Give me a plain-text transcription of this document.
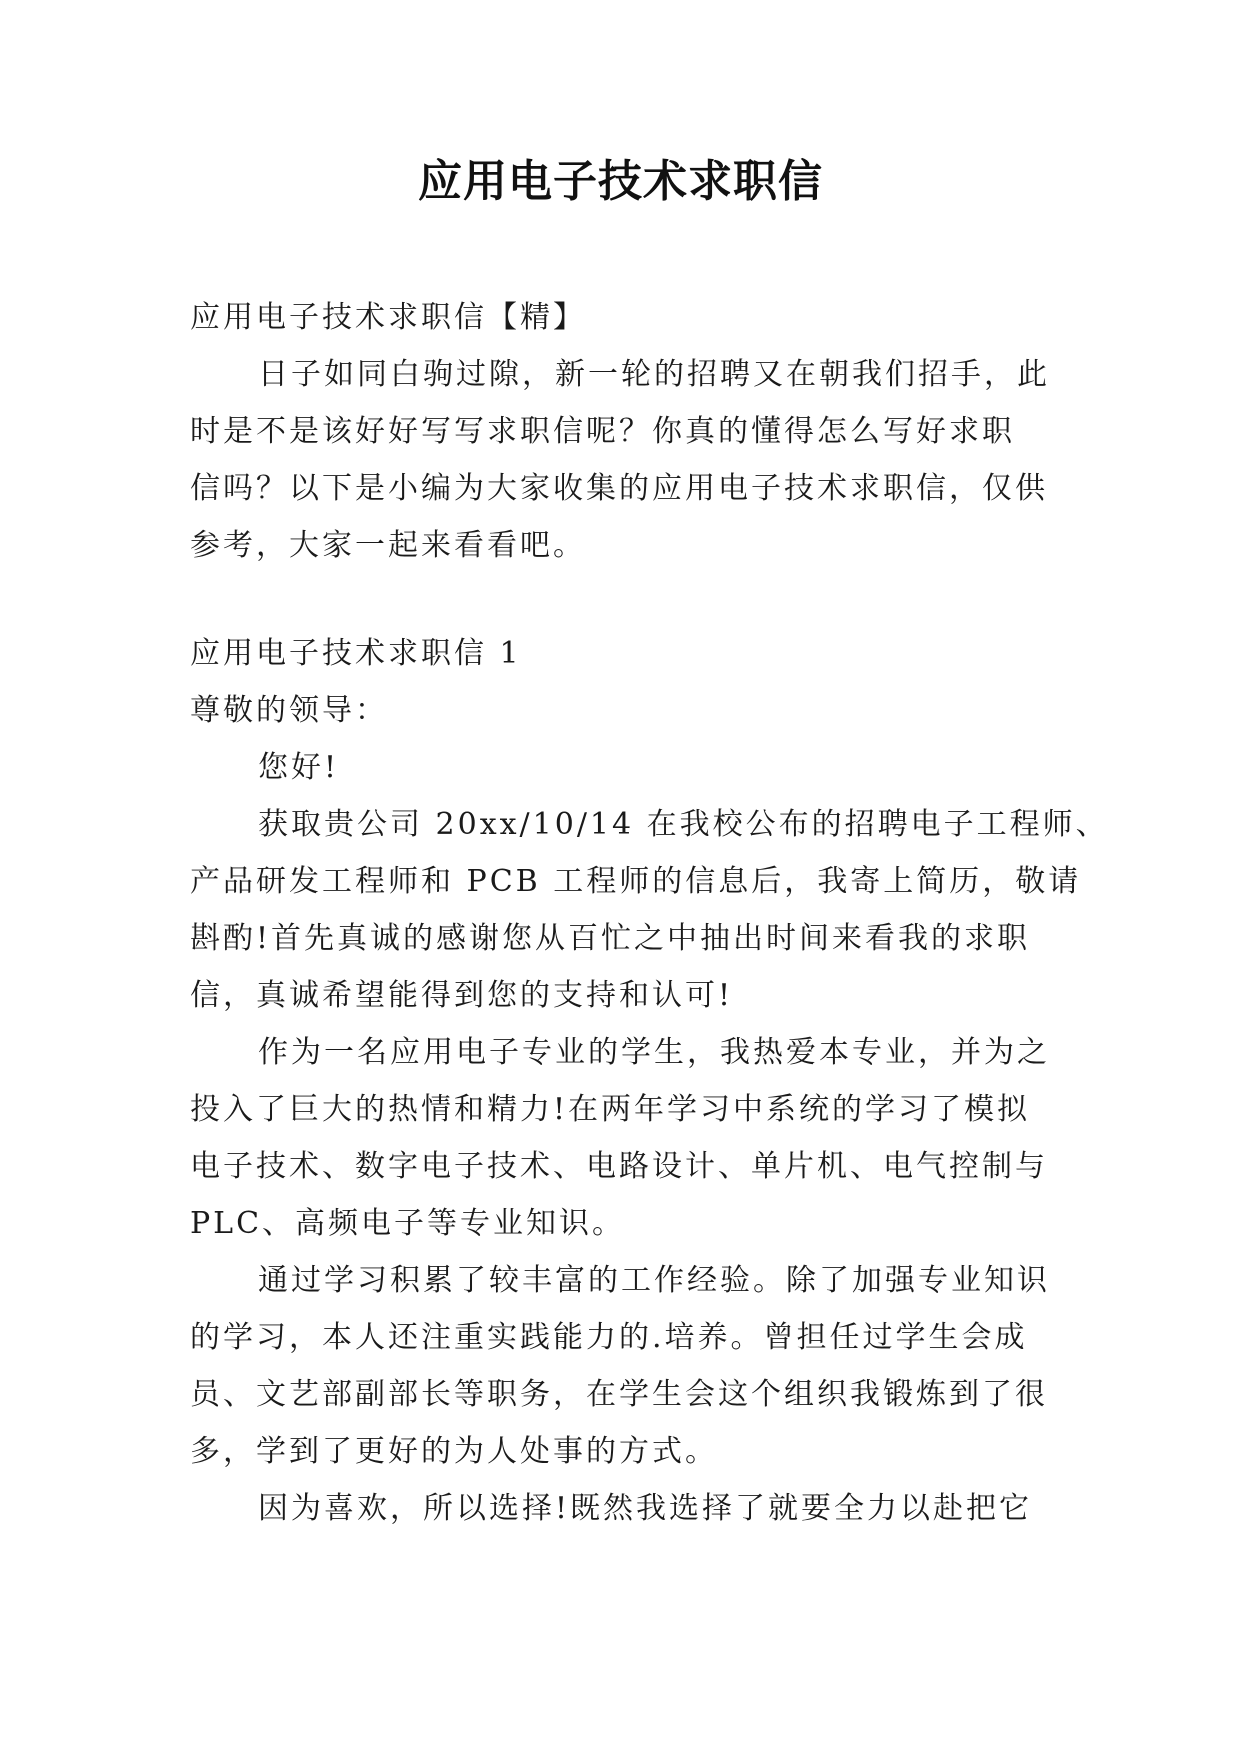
应用电子技术求职信
应用电子技术求职信【精】
日子如同白驹过隙，新一轮的招聘又在朝我们招手，此
时是不是该好好写写求职信呢？你真的懂得怎么写好求职
信吗？以下是小编为大家收集的应用电子技术求职信，仅供
参考，大家一起来看看吧。
应用电子技术求职信 1
尊敬的领导：
您好!
获取贵公司 20xx/10/14 在我校公布的招聘电子工程师、
产品研发工程师和 PCB 工程师的信息后，我寄上简历，敬请
斟酌!首先真诚的感谢您从百忙之中抽出时间来看我的求职
信，真诚希望能得到您的支持和认可!
作为一名应用电子专业的学生，我热爱本专业，并为之
投入了巨大的热情和精力!在两年学习中系统的学习了模拟
电子技术、数字电子技术、电路设计、单片机、电气控制与
PLC、高频电子等专业知识。
通过学习积累了较丰富的工作经验。除了加强专业知识
的学习，本人还注重实践能力的.培养。曾担任过学生会成
员、文艺部副部长等职务，在学生会这个组织我锻炼到了很
多，学到了更好的为人处事的方式。
因为喜欢，所以选择!既然我选择了就要全力以赴把它
